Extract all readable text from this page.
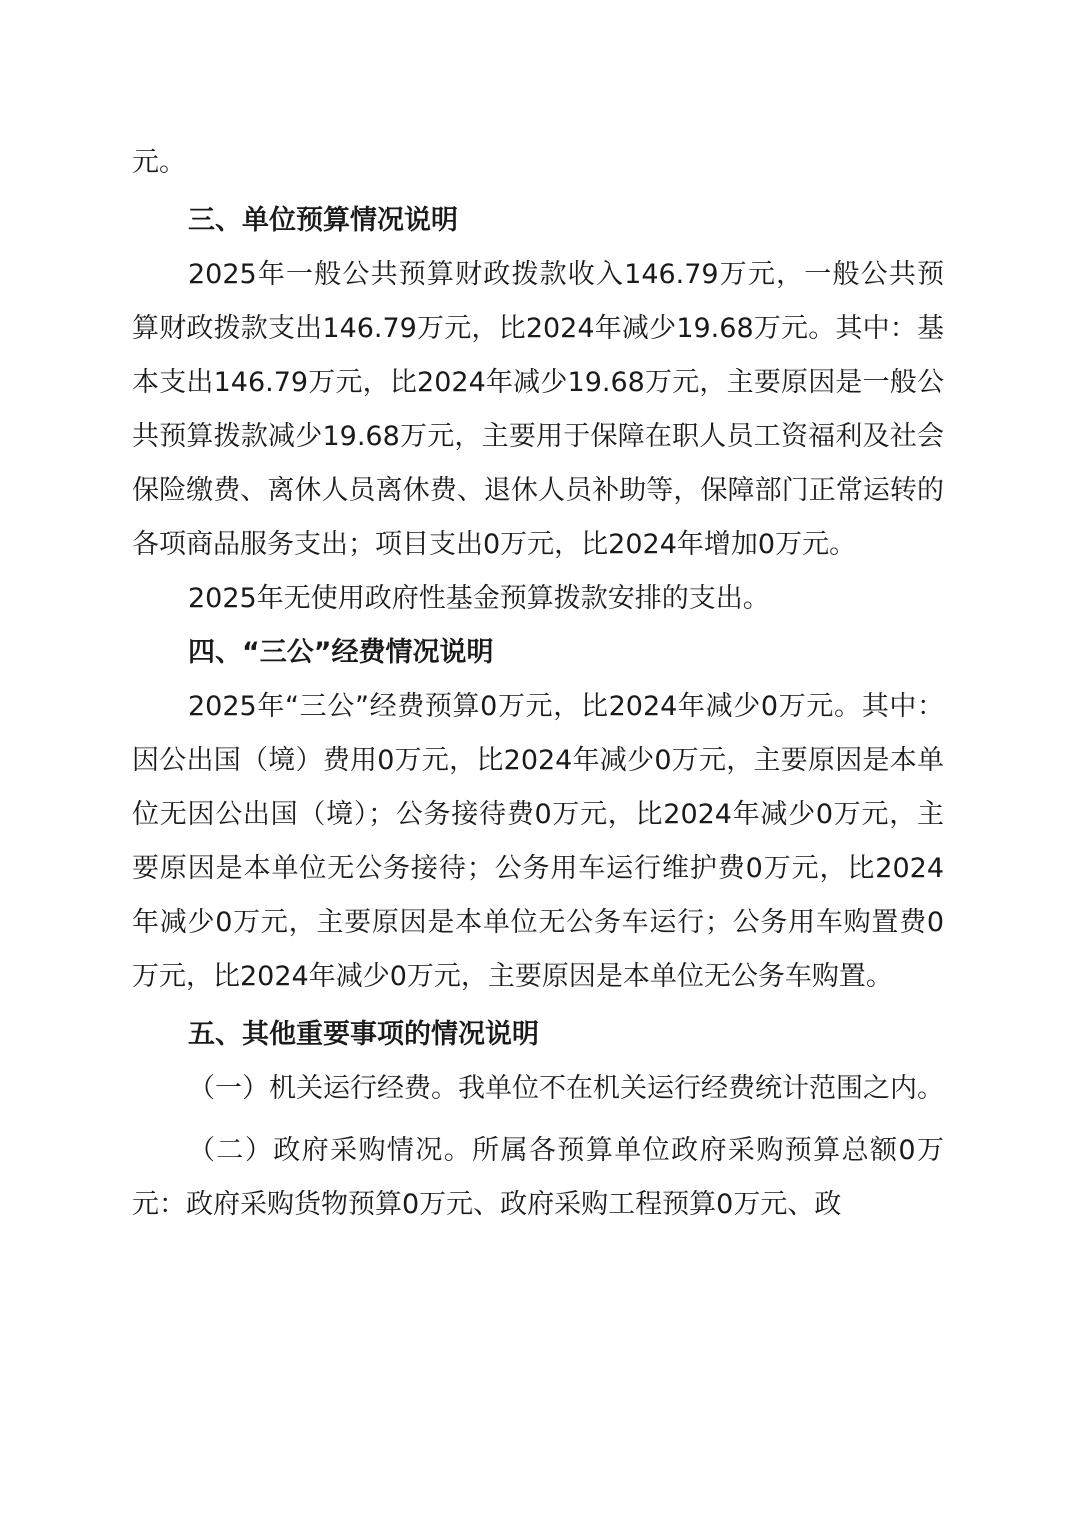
元。

三、单位预算情况说明

2025年一般公共预算财政拨款收入146.79万元，一般公共预算财政拨款支出146.79万元，比2024年减少19.68万元。其中：基本支出146.79万元，比2024年减少19.68万元，主要原因是一般公共预算拨款减少19.68万元，主要用于保障在职人员工资福利及社会保险缴费、离休人员离休费、退休人员补助等，保障部门正常运转的各项商品服务支出；项目支出0万元，比2024年增加0万元。

2025年无使用政府性基金预算拨款安排的支出。

四、“三公”经费情况说明

2025年“三公”经费预算0万元，比2024年减少0万元。其中：因公出国（境）费用0万元，比2024年减少0万元，主要原因是本单位无因公出国（境）；公务接待费0万元，比2024年减少0万元，主要原因是本单位无公务接待；公务用车运行维护费0万元，比2024年减少0万元，主要原因是本单位无公务车运行；公务用车购置费0万元，比2024年减少0万元，主要原因是本单位无公务车购置。

五、其他重要事项的情况说明

（一）机关运行经费。我单位不在机关运行经费统计范围之内。

（二）政府采购情况。所属各预算单位政府采购预算总额0万元：政府采购货物预算0万元、政府采购工程预算0万元、政
